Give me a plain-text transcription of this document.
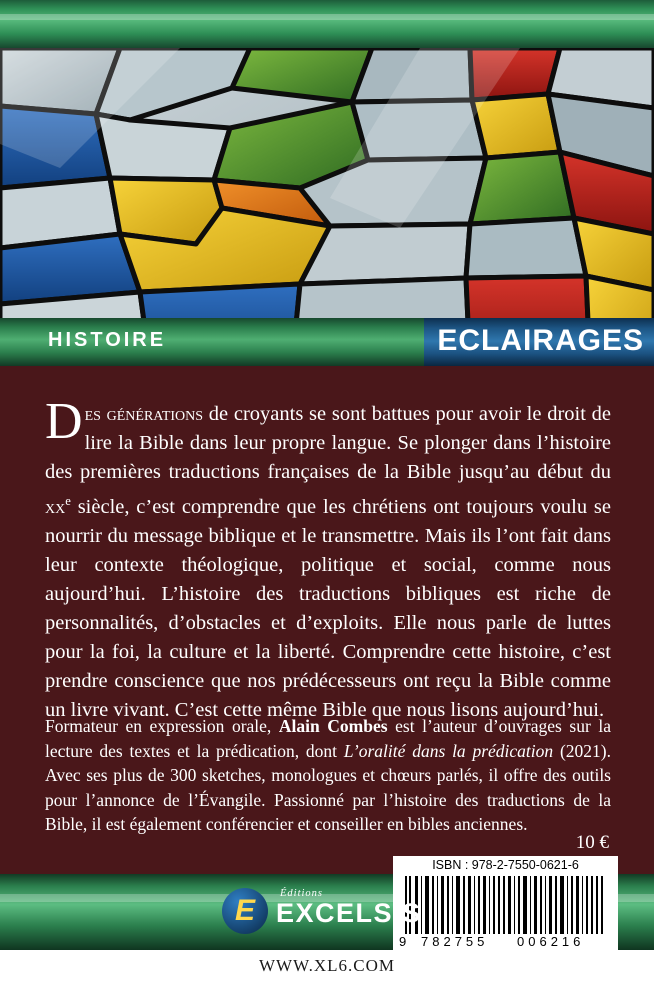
HISTOIRE	ECLAIRAGES
Des générations de croyants se sont battues pour avoir le droit de lire la Bible dans leur propre langue. Se plonger dans l’histoire des premières traductions françaises de la Bible jusqu’au début du $xx^e$ siècle, c’est comprendre que les chrétiens ont toujours voulu se nourrir du message biblique et le transmettre. Mais ils l’ont fait dans leur contexte théologique, politique et social, comme nous aujourd’hui. L’histoire des traductions bibliques est riche de personnalités, d’obstacles et d’exploits. Elle nous parle de luttes pour la foi, la culture et la liberté. Comprendre cette histoire, c’est prendre conscience que nos prédécesseurs ont reçu la Bible comme un livre vivant. C’est cette même Bible que nous lisons aujourd’hui.
Formateur en expression orale, Alain Combes est l’auteur d’ouvrages sur la lecture des textes et la prédication, dont L’oralité dans la prédication (2021). Avec ses plus de 300 sketches, monologues et chœurs parlés, il offre des outils pour l’annonce de l’Évangile. Passionné par l’histoire des traductions de la Bible, il est également conférencier et conseiller en bibles anciennes.
10 €
ISBN : 978-2-7550-0621-6
9 782755 006216
E
Éditions
EXCELSIS
WWW.XL6.COM
